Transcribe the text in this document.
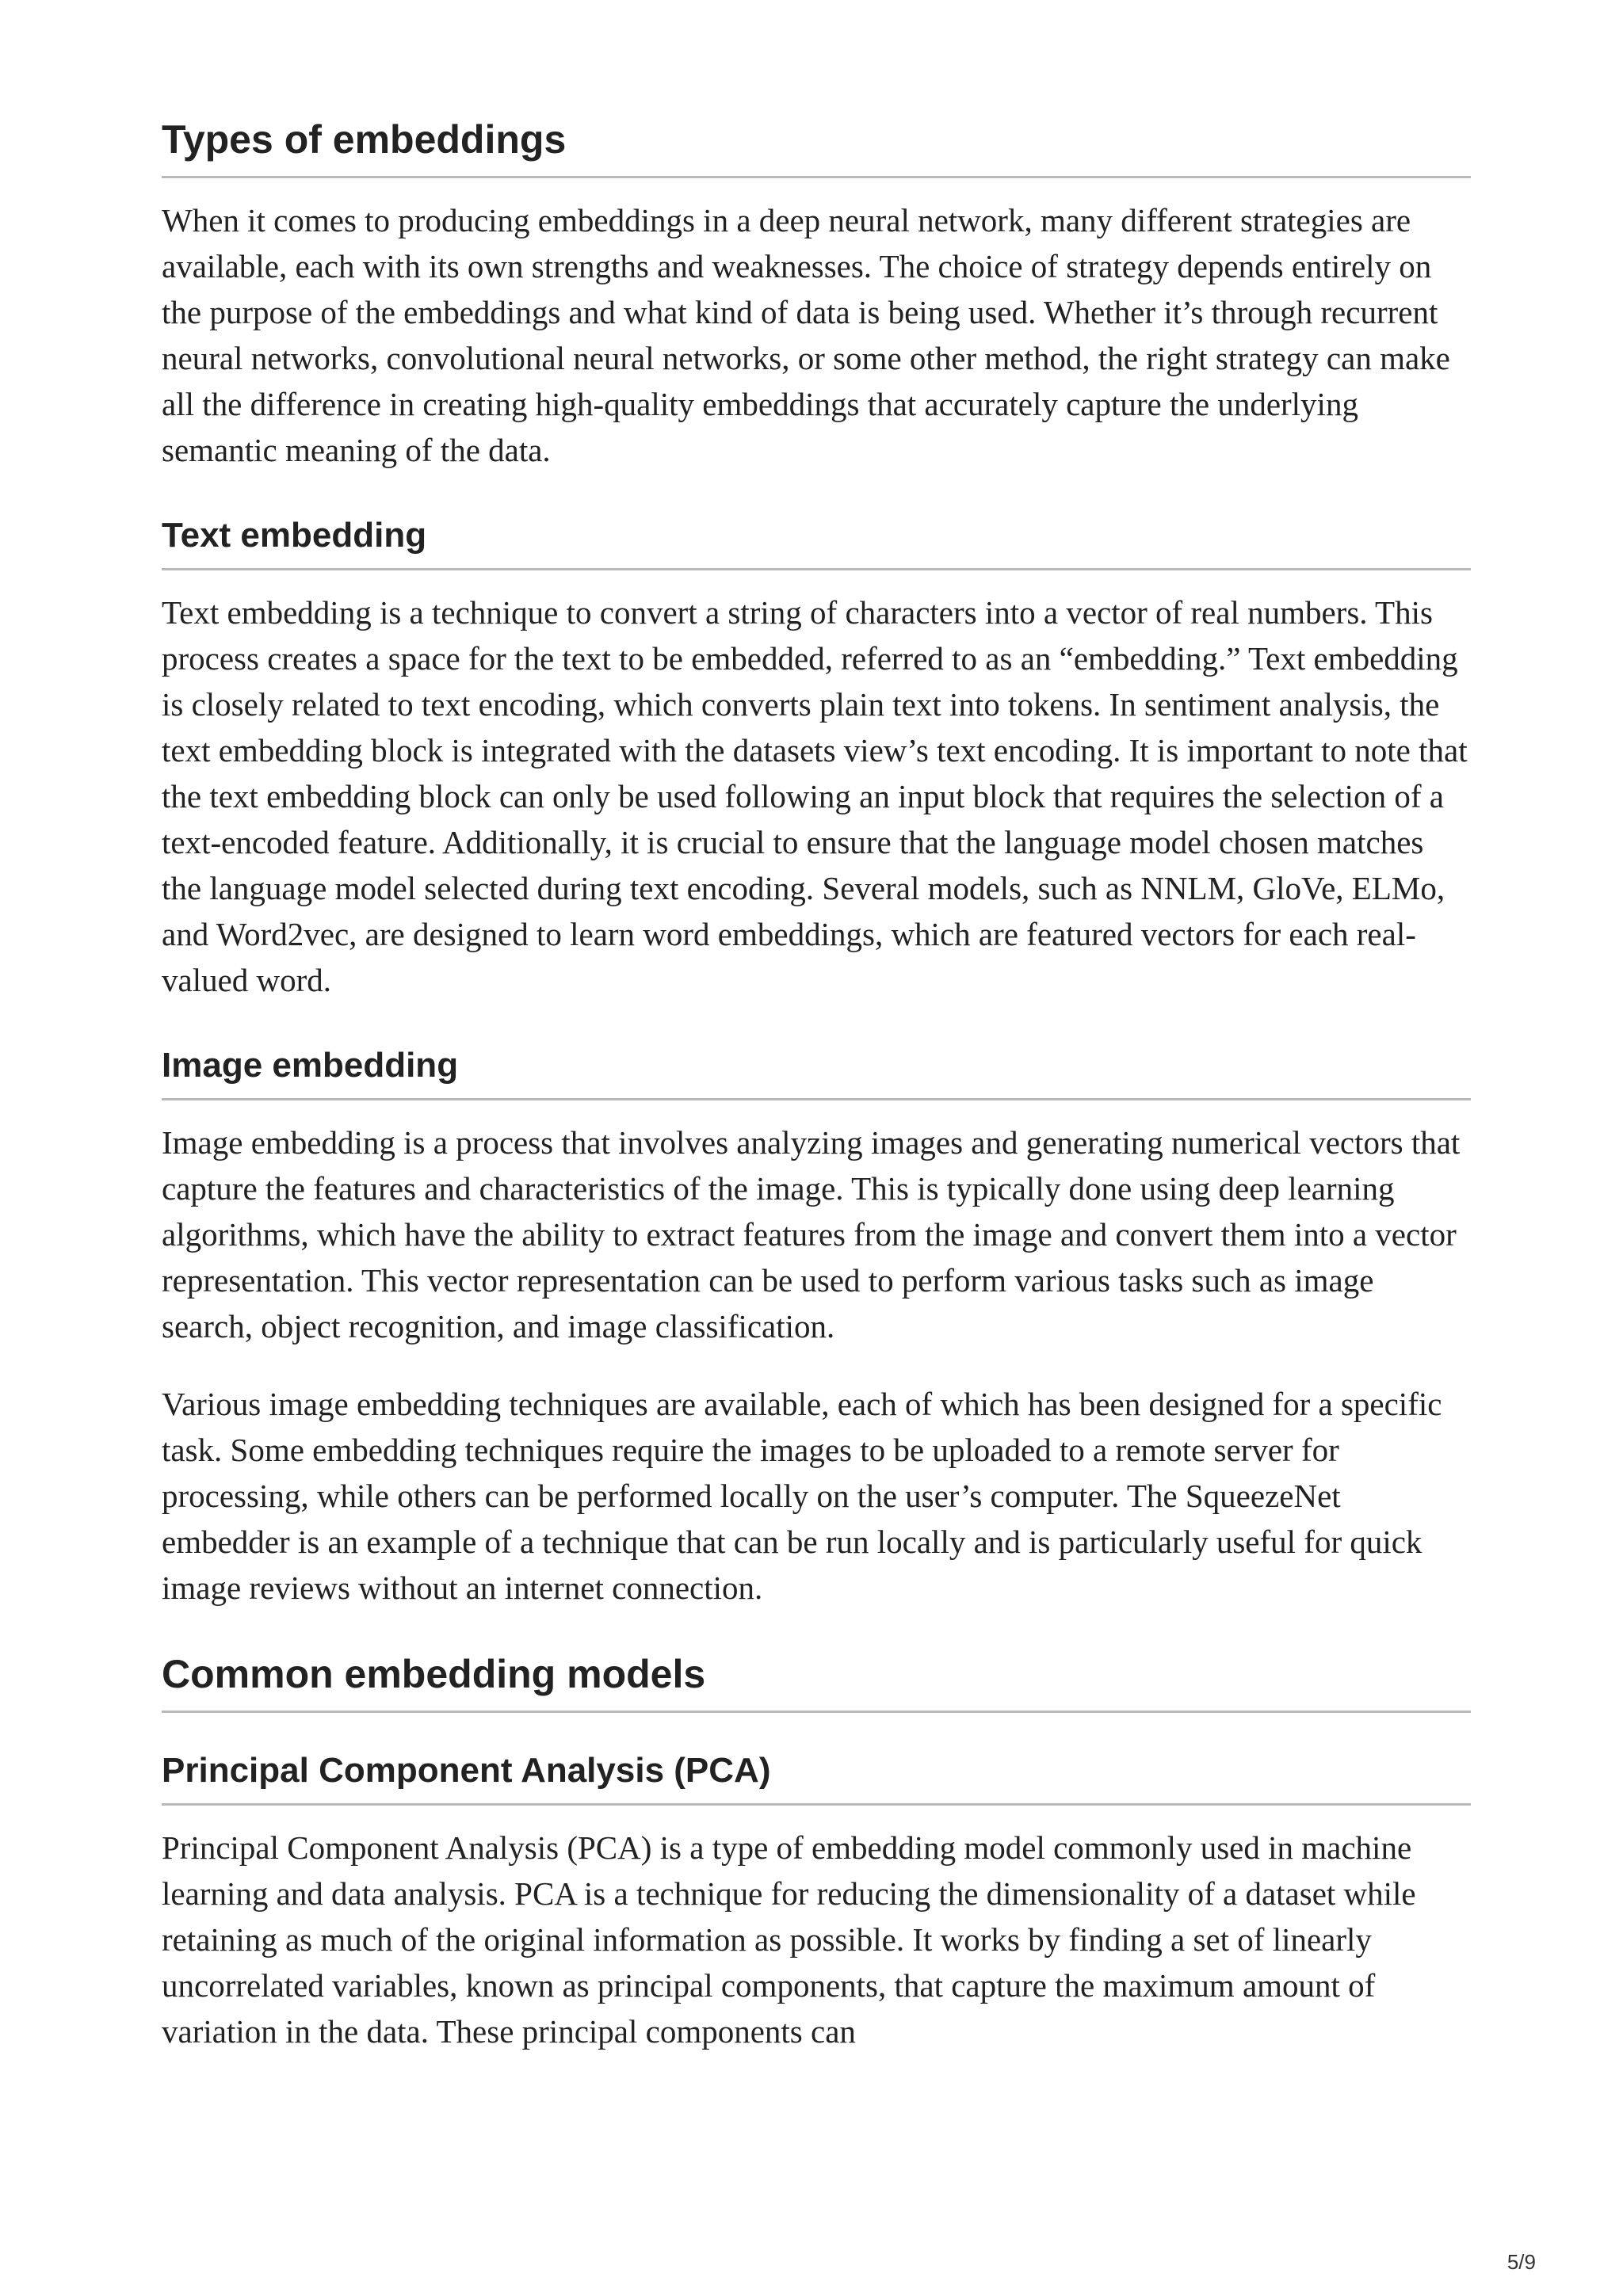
Types of embeddings

When it comes to producing embeddings in a deep neural network, many different strategies are available, each with its own strengths and weaknesses. The choice of strategy depends entirely on the purpose of the embeddings and what kind of data is being used. Whether it’s through recurrent neural networks, convolutional neural networks, or some other method, the right strategy can make all the difference in creating high-quality embeddings that accurately capture the underlying semantic meaning of the data.

Text embedding

Text embedding is a technique to convert a string of characters into a vector of real numbers. This process creates a space for the text to be embedded, referred to as an “embedding.” Text embedding is closely related to text encoding, which converts plain text into tokens. In sentiment analysis, the text embedding block is integrated with the datasets view’s text encoding. It is important to note that the text embedding block can only be used following an input block that requires the selection of a text-encoded feature. Additionally, it is crucial to ensure that the language model chosen matches the language model selected during text encoding. Several models, such as NNLM, GloVe, ELMo, and Word2vec, are designed to learn word embeddings, which are featured vectors for each real-valued word.

Image embedding

Image embedding is a process that involves analyzing images and generating numerical vectors that capture the features and characteristics of the image. This is typically done using deep learning algorithms, which have the ability to extract features from the image and convert them into a vector representation. This vector representation can be used to perform various tasks such as image search, object recognition, and image classification.

Various image embedding techniques are available, each of which has been designed for a specific task. Some embedding techniques require the images to be uploaded to a remote server for processing, while others can be performed locally on the user’s computer. The SqueezeNet embedder is an example of a technique that can be run locally and is particularly useful for quick image reviews without an internet connection.

Common embedding models
Principal Component Analysis (PCA)

Principal Component Analysis (PCA) is a type of embedding model commonly used in machine learning and data analysis. PCA is a technique for reducing the dimensionality of a dataset while retaining as much of the original information as possible. It works by finding a set of linearly uncorrelated variables, known as principal components, that capture the maximum amount of variation in the data. These principal components can

5/9
